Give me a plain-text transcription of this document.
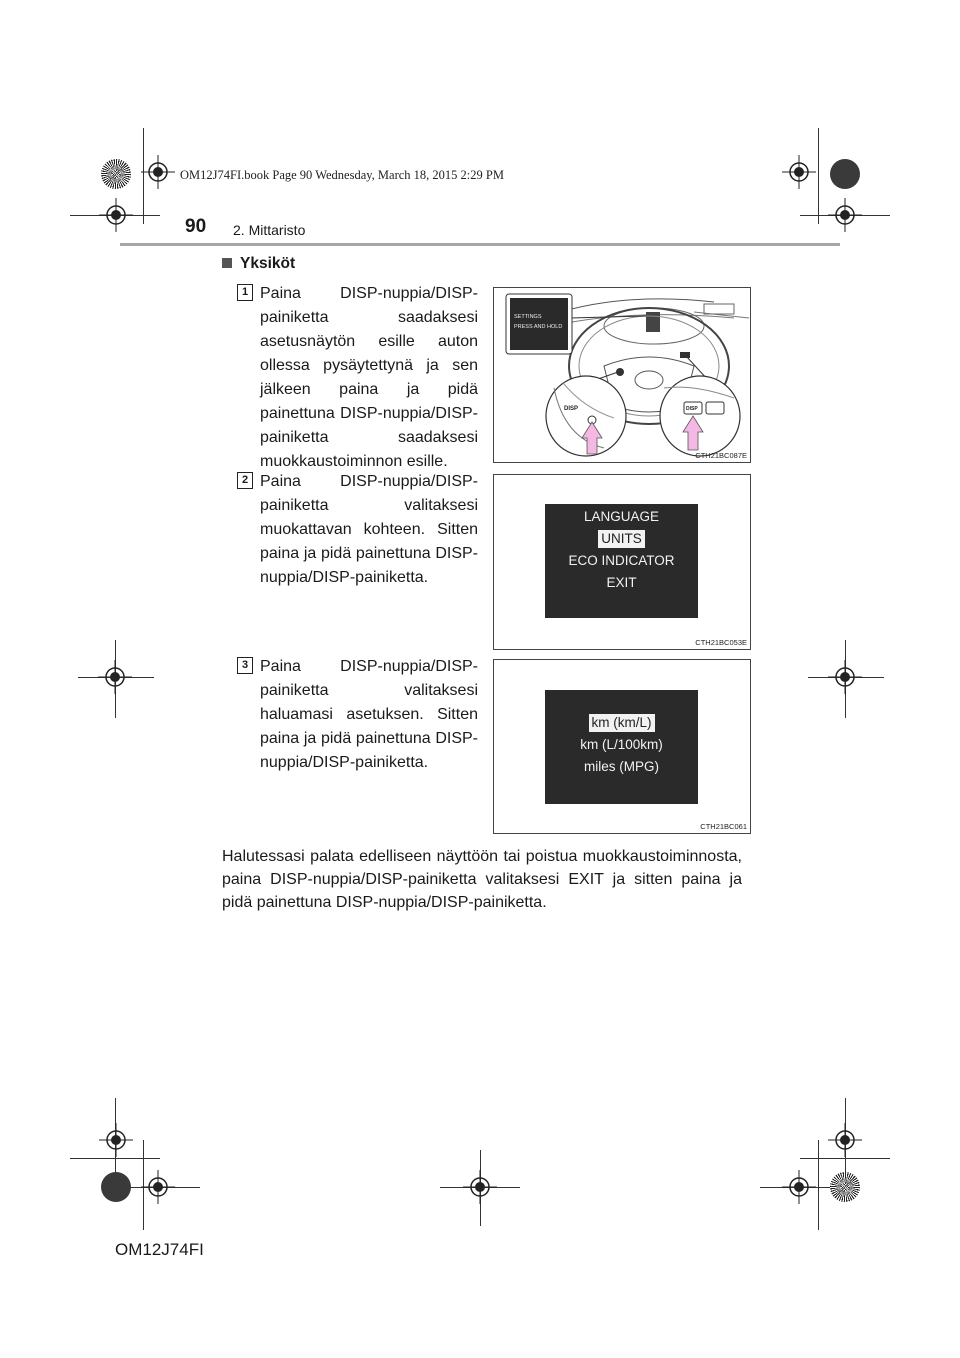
OM12J74FI.book Page 90 Wednesday, March 18, 2015 2:29 PM
90 2. Mittaristo
Yksiköt
1 Paina DISP-nuppia/DISP-painiketta saadaksesi asetusnäytön esille auton ollessa pysäytettynä ja sen jälkeen paina ja pidä painettuna DISP-nuppia/DISP-painiketta saadaksesi muokkaustoiminnon esille.
SETTINGS
PRESS AND HOLD
DISP	DISP
CTH21BC087E
2 Paina DISP-nuppia/DISP-painiketta valitaksesi muokattavan kohteen. Sitten paina ja pidä painettuna DISP-nuppia/DISP-painiketta.
LANGUAGE
UNITS
ECO INDICATOR
EXIT
CTH21BC053E
3 Paina DISP-nuppia/DISP-painiketta valitaksesi haluamasi asetuksen. Sitten paina ja pidä painettuna DISP-nuppia/DISP-painiketta.
km (km/L)
km (L/100km)
miles (MPG)
CTH21BC061
Halutessasi palata edelliseen näyttöön tai poistua muokkaustoiminnosta, paina DISP-nuppia/DISP-painiketta valitaksesi EXIT ja sitten paina ja pidä painettuna DISP-nuppia/DISP-painiketta.
OM12J74FI
